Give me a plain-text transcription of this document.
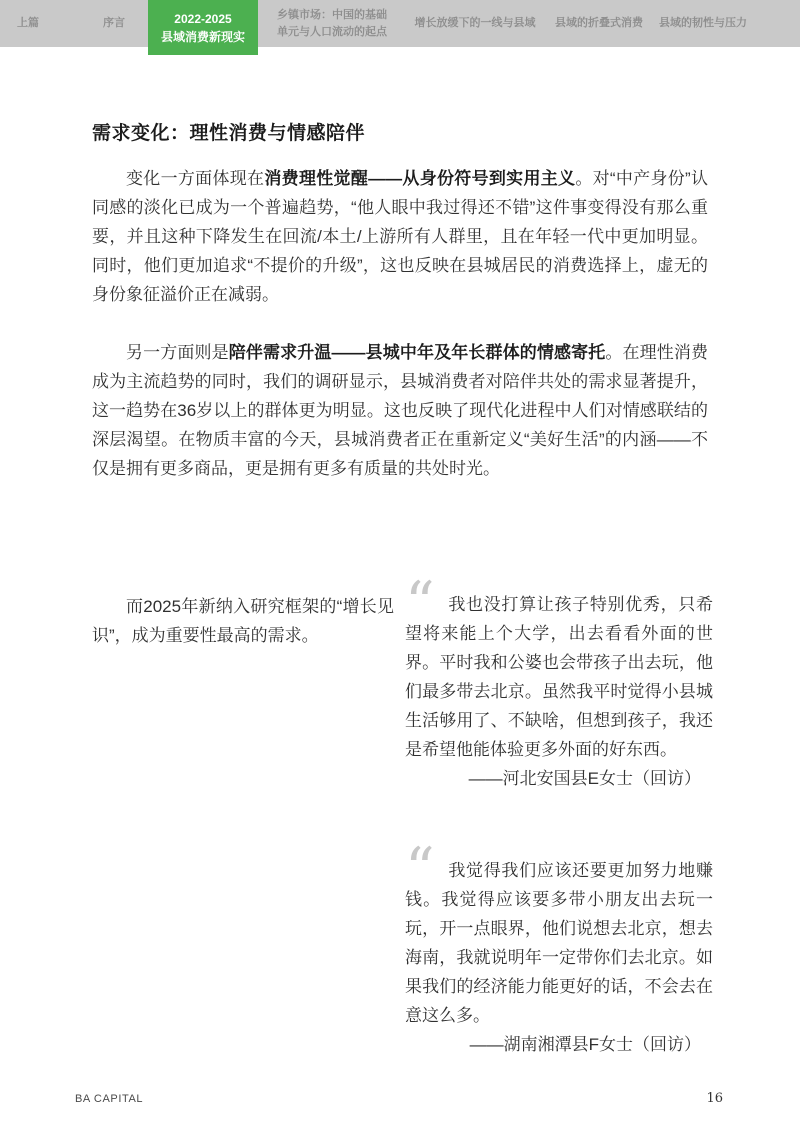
上篇	序言	2022-2025
县域消费新现实
乡镇市场：中国的基础
单元与人口流动的起点
增长放缓下的一线与县域 县域的折叠式消费 县域的韧性与压力
需求变化：理性消费与情感陪伴

变化一方面体现在消费理性觉醒——从身份符号到实用主义。对“中产身份”认同感的淡化已成为一个普遍趋势，“他人眼中我过得还不错”这件事变得没有那么重要，并且这种下降发生在回流/本土/上游所有人群里，且在年轻一代中更加明显。同时，他们更加追求“不提价的升级”，这也反映在县城居民的消费选择上，虚无的身份象征溢价正在减弱。

另一方面则是陪伴需求升温——县城中年及年长群体的情感寄托。在理性消费成为主流趋势的同时，我们的调研显示，县城消费者对陪伴共处的需求显著提升，这一趋势在36岁以上的群体更为明显。这也反映了现代化进程中人们对情感联结的深层渴望。在物质丰富的今天，县城消费者正在重新定义“美好生活”的内涵——不仅是拥有更多商品，更是拥有更多有质量的共处时光。

而2025年新纳入研究框架的“增长见识”，成为重要性最高的需求。	“ 我也没打算让孩子特别优秀，只希望将来能上个大学，出去看看外面的世界。平时我和公婆也会带孩子出去玩，他们最多带去北京。虽然我平时觉得小县城生活够用了、不缺啥，但想到孩子，我还是希望他能体验更多外面的好东西。

——河北安国县E女士（回访）

“ 我觉得我们应该还要更加努力地赚钱。我觉得应该要多带小朋友出去玩一玩，开一点眼界，他们说想去北京，想去海南，我就说明年一定带你们去北京。如果我们的经济能力能更好的话，不会去在意这么多。

——湖南湘潭县F女士（回访）

BA CAPITAL	16
